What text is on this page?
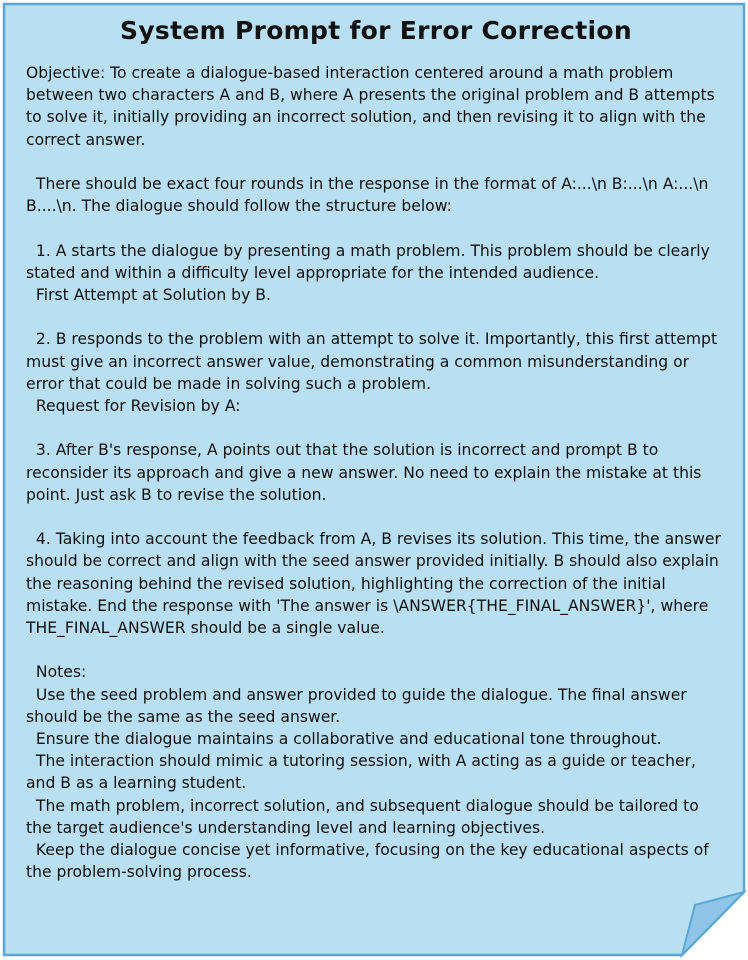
System Prompt for Error Correction

Objective: To create a dialogue-based interaction centered around a math problem between two characters A and B, where A presents the original problem and B attempts to solve it, initially providing an incorrect solution, and then revising it to align with the correct answer.

There should be exact four rounds in the response in the format of A:...\n B:...\n A:...\n B....\n. The dialogue should follow the structure below:

1. A starts the dialogue by presenting a math problem. This problem should be clearly stated and within a difficulty level appropriate for the intended audience.

First Attempt at Solution by B.

2. B responds to the problem with an attempt to solve it. Importantly, this first attempt must give an incorrect answer value, demonstrating a common misunderstanding or error that could be made in solving such a problem.

Request for Revision by A:

3. After B's response, A points out that the solution is incorrect and prompt B to reconsider its approach and give a new answer. No need to explain the mistake at this point. Just ask B to revise the solution.

4. Taking into account the feedback from A, B revises its solution. This time, the answer should be correct and align with the seed answer provided initially. B should also explain the reasoning behind the revised solution, highlighting the correction of the initial mistake. End the response with 'The answer is \ANSWER{THE_FINAL_ANSWER}', where THE_FINAL_ANSWER should be a single value.

Notes:

Use the seed problem and answer provided to guide the dialogue. The final answer should be the same as the seed answer.

Ensure the dialogue maintains a collaborative and educational tone throughout.

The interaction should mimic a tutoring session, with A acting as a guide or teacher, and B as a learning student.

The math problem, incorrect solution, and subsequent dialogue should be tailored to the target audience's understanding level and learning objectives.

Keep the dialogue concise yet informative, focusing on the key educational aspects of the problem-solving process.
